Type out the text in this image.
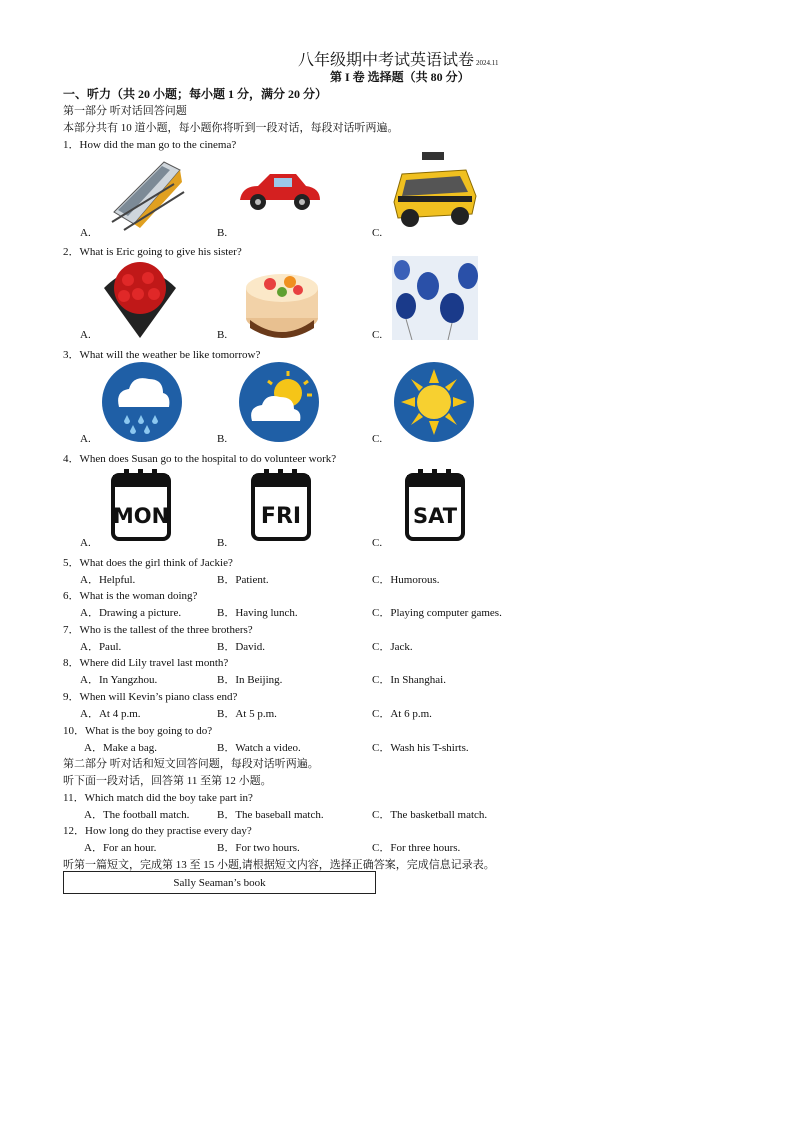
八年级期中考试英语试卷 2024.11
第 I 卷 选择题（共 80 分）
一、听力（共 20 小题；每小题 1 分，满分 20 分）
第一部分 听对话回答问题
本部分共有 10 道小题，每小题你将听到一段对话，每段对话听两遍。
1．How did the man go to the cinema?
A.	B.	C.
2．What is Eric going to give his sister?
A.	B.	C.
3．What will the weather be like tomorrow?
A.	B.	C.
4．When does Susan go to the hospital to do volunteer work?
MON	FRI	SAT
A.	B.	C.
5．What does the girl think of Jackie?
A．Helpful.	B．Patient.	C．Humorous.
6．What is the woman doing?
A．Drawing a picture.	B．Having lunch.	C．Playing computer games.
7．Who is the tallest of the three brothers?
A．Paul.	B．David.	C．Jack.
8．Where did Lily travel last month?
A．In Yangzhou.	B．In Beijing.	C．In Shanghai.
9．When will Kevin’s piano class end?
A．At 4 p.m.	B．At 5 p.m.	C．At 6 p.m.
10．What is the boy going to do?
A．Make a bag.	B．Watch a video.	C．Wash his T-shirts.
第二部分 听对话和短文回答问题，每段对话听两遍。
听下面一段对话，回答第 11 至第 12 小题。
11．Which match did the boy take part in?
A．The football match.	B．The baseball match.	C．The basketball match.
12．How long do they practise every day?
A．For an hour.	B．For two hours.	C．For three hours.
听第一篇短文，完成第 13 至 15 小题,请根据短文内容，选择正确答案，完成信息记录表。
Sally Seaman’s book
